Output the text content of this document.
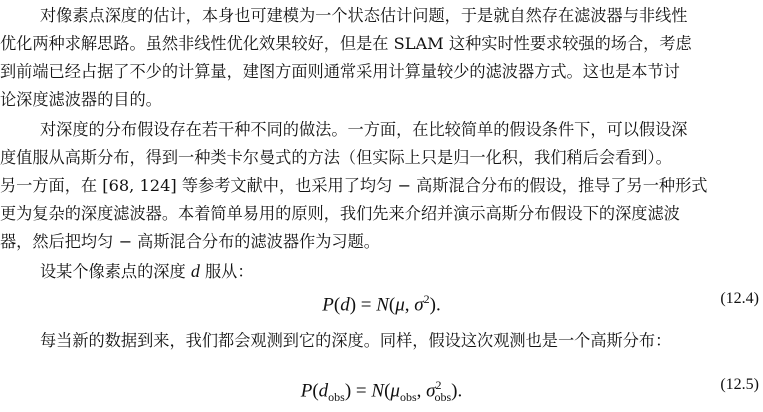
对像素点深度的估计，本身也可建模为一个状态估计问题，于是就自然存在滤波器与非线性
优化两种求解思路。虽然非线性优化效果较好，但是在 SLAM 这种实时性要求较强的场合，考虑
到前端已经占据了不少的计算量，建图方面则通常采用计算量较少的滤波器方式。这也是本节讨
论深度滤波器的目的。
对深度的分布假设存在若干种不同的做法。一方面，在比较简单的假设条件下，可以假设深
度值服从高斯分布，得到一种类卡尔曼式的方法（但实际上只是归一化积，我们稍后会看到）。
另一方面，在 [68, 124] 等参考文献中，也采用了均匀 − 高斯混合分布的假设，推导了另一种形式
更为复杂的深度滤波器。本着简单易用的原则，我们先来介绍并演示高斯分布假设下的深度滤波
器，然后把均匀 − 高斯混合分布的滤波器作为习题。
设某个像素点的深度 d 服从：
P(d) = N(μ, $\sigma^2$).	(12.4)
每当新的数据到来，我们都会观测到它的深度。同样，假设这次观测也是一个高斯分布：
$P(d_{obs}) = N(\mu_{obs}$, $\sigma^2_{obs}$).	(12.5)
